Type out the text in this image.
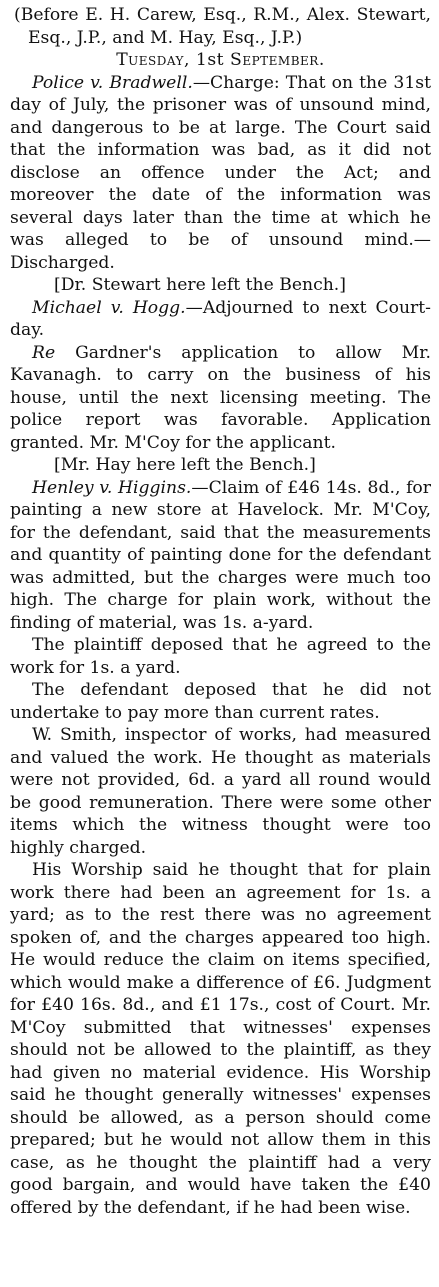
(Before E. H. Carew, Esq., R.M., Alex. Stewart, Esq., J.P., and M. Hay, Esq., J.P.)

Tuesday, 1st September.

Police v. Bradwell.—Charge: That on the 31st day of July, the prisoner was of unsound mind, and dangerous to be at large. The Court said that the information was bad, as it did not disclose an offence under the Act; and moreover the date of the information was several days later than the time at which he was alleged to be of unsound mind.—Discharged.

[Dr. Stewart here left the Bench.]

Michael v. Hogg.—Adjourned to next Court-day.

Re Gardner's application to allow Mr. Kavanagh. to carry on the business of his house, until the next licensing meeting. The police report was favorable. Application granted. Mr. M'Coy for the applicant.

[Mr. Hay here left the Bench.]

Henley v. Higgins.—Claim of £46 14s. 8d., for painting a new store at Havelock. Mr. M'Coy, for the defendant, said that the measurements and quantity of painting done for the defendant was admitted, but the charges were much too high. The charge for plain work, without the finding of material, was 1s. a-yard.

The plaintiff deposed that he agreed to the work for 1s. a yard.

The defendant deposed that he did not undertake to pay more than current rates.

W. Smith, inspector of works, had measured and valued the work. He thought as materials were not provided, 6d. a yard all round would be good remuneration. There were some other items which the witness thought were too highly charged.

His Worship said he thought that for plain work there had been an agreement for 1s. a yard; as to the rest there was no agreement spoken of, and the charges appeared too high. He would reduce the claim on items specified, which would make a difference of £6. Judgment for £40 16s. 8d., and £1 17s., cost of Court. Mr. M'Coy submitted that witnesses' expenses should not be allowed to the plaintiff, as they had given no material evidence. His Worship said he thought generally witnesses' expenses should be allowed, as a person should come prepared; but he would not allow them in this case, as he thought the plaintiff had a very good bargain, and would have taken the £40 offered by the defendant, if he had been wise.
